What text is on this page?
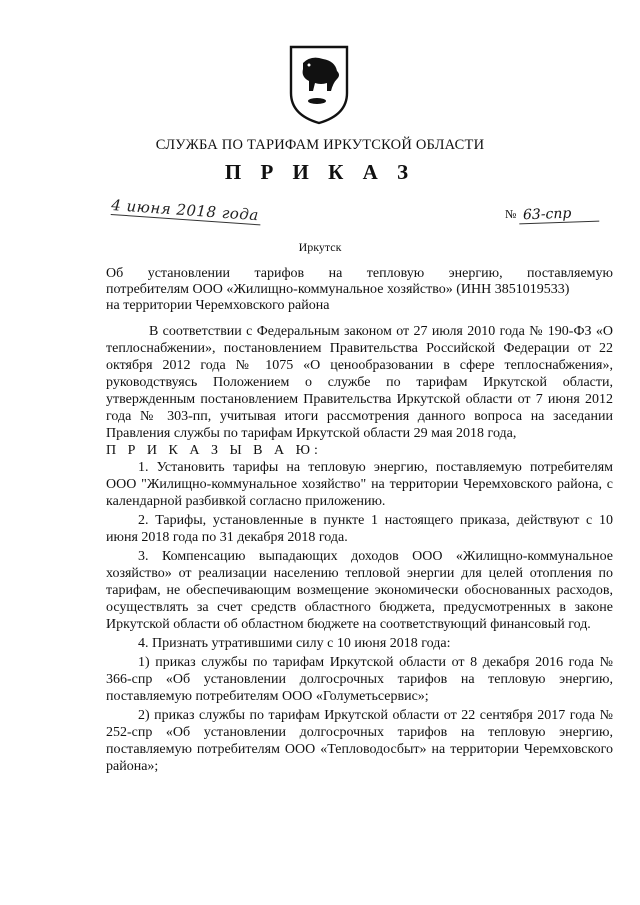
СЛУЖБА ПО ТАРИФАМ ИРКУТСКОЙ ОБЛАСТИ
П Р И К А З
4 июня 2018 года	№ 63-спр
Иркутск
Об установлении тарифов на тепловую энергию, поставляемую
потребителям ООО «Жилищно-коммунальное хозяйство» (ИНН 3851019533)
на территории Черемховского района

В соответствии с Федеральным законом от 27 июля 2010 года № 190-ФЗ «О теплоснабжении», постановлением Правительства Российской Федерации от 22 октября 2012 года № 1075 «О ценообразовании в сфере теплоснабжения», руководствуясь Положением о службе по тарифам Иркутской области, утвержденным постановлением Правительства Иркутской области от 7 июня 2012 года № 303-пп, учитывая итоги рассмотрения данного вопроса на заседании Правления службы по тарифам Иркутской области 29 мая 2018 года,

П Р И К А З Ы В А Ю:

1. Установить тарифы на тепловую энергию, поставляемую потребителям ООО "Жилищно-коммунальное хозяйство" на территории Черемховского района, с календарной разбивкой согласно приложению.

2. Тарифы, установленные в пункте 1 настоящего приказа, действуют с 10 июня 2018 года по 31 декабря 2018 года.

3. Компенсацию выпадающих доходов ООО «Жилищно-коммунальное хозяйство» от реализации населению тепловой энергии для целей отопления по тарифам, не обеспечивающим возмещение экономически обоснованных расходов, осуществлять за счет средств областного бюджета, предусмотренных в законе Иркутской области об областном бюджете на соответствующий финансовый год.

4. Признать утратившими силу с 10 июня 2018 года:

1) приказ службы по тарифам Иркутской области от 8 декабря 2016 года № 366-спр «Об установлении долгосрочных тарифов на тепловую энергию, поставляемую потребителям ООО «Голуметьсервис»;

2) приказ службы по тарифам Иркутской области от 22 сентября 2017 года № 252-спр «Об установлении долгосрочных тарифов на тепловую энергию, поставляемую потребителям ООО «Тепловодосбыт» на территории Черемховского района»;
